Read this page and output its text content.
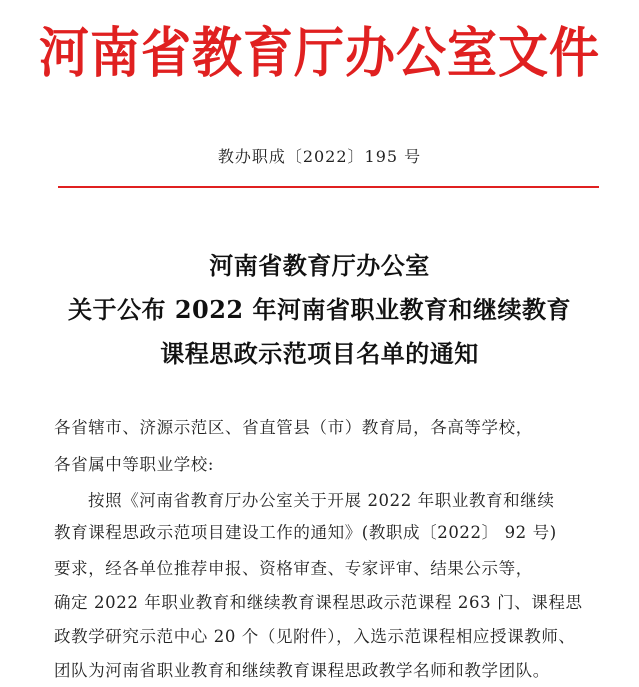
河南省教育厅办公室文件
教办职成〔2022〕195 号
河南省教育厅办公室
关于公布 2022 年河南省职业教育和继续教育
课程思政示范项目名单的通知
各省辖市、济源示范区、省直管县（市）教育局，各高等学校，
各省属中等职业学校:
按照《河南省教育厅办公室关于开展 2022 年职业教育和继续
教育课程思政示范项目建设工作的通知》(教职成〔2022〕 92 号)
要求，经各单位推荐申报、资格审查、专家评审、结果公示等，
确定 2022 年职业教育和继续教育课程思政示范课程 263 门、课程思
政教学研究示范中心 20 个（见附件），入选示范课程相应授课教师、
团队为河南省职业教育和继续教育课程思政教学名师和教学团队。
